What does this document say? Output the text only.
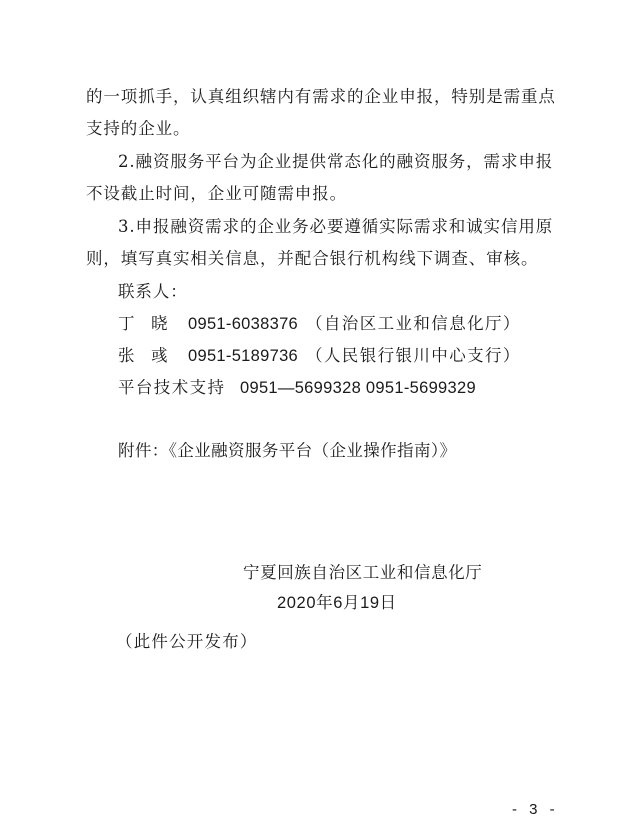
的一项抓手，认真组织辖内有需求的企业申报，特别是需重点
支持的企业。
2.融资服务平台为企业提供常态化的融资服务，需求申报
不设截止时间，企业可随需申报。
3.申报融资需求的企业务必要遵循实际需求和诚实信用原
则，填写真实相关信息，并配合银行机构线下调查、审核。
联系人：
丁　晓 0951-6038376 （自治区工业和信息化厅）
张　彧 0951-5189736 （人民银行银川中心支行）
平台技术支持 0951—5699328 0951-5699329
附件：《企业融资服务平台（企业操作指南）》
宁夏回族自治区工业和信息化厅
2020年6月19日
（此件公开发布）
- 3 -
